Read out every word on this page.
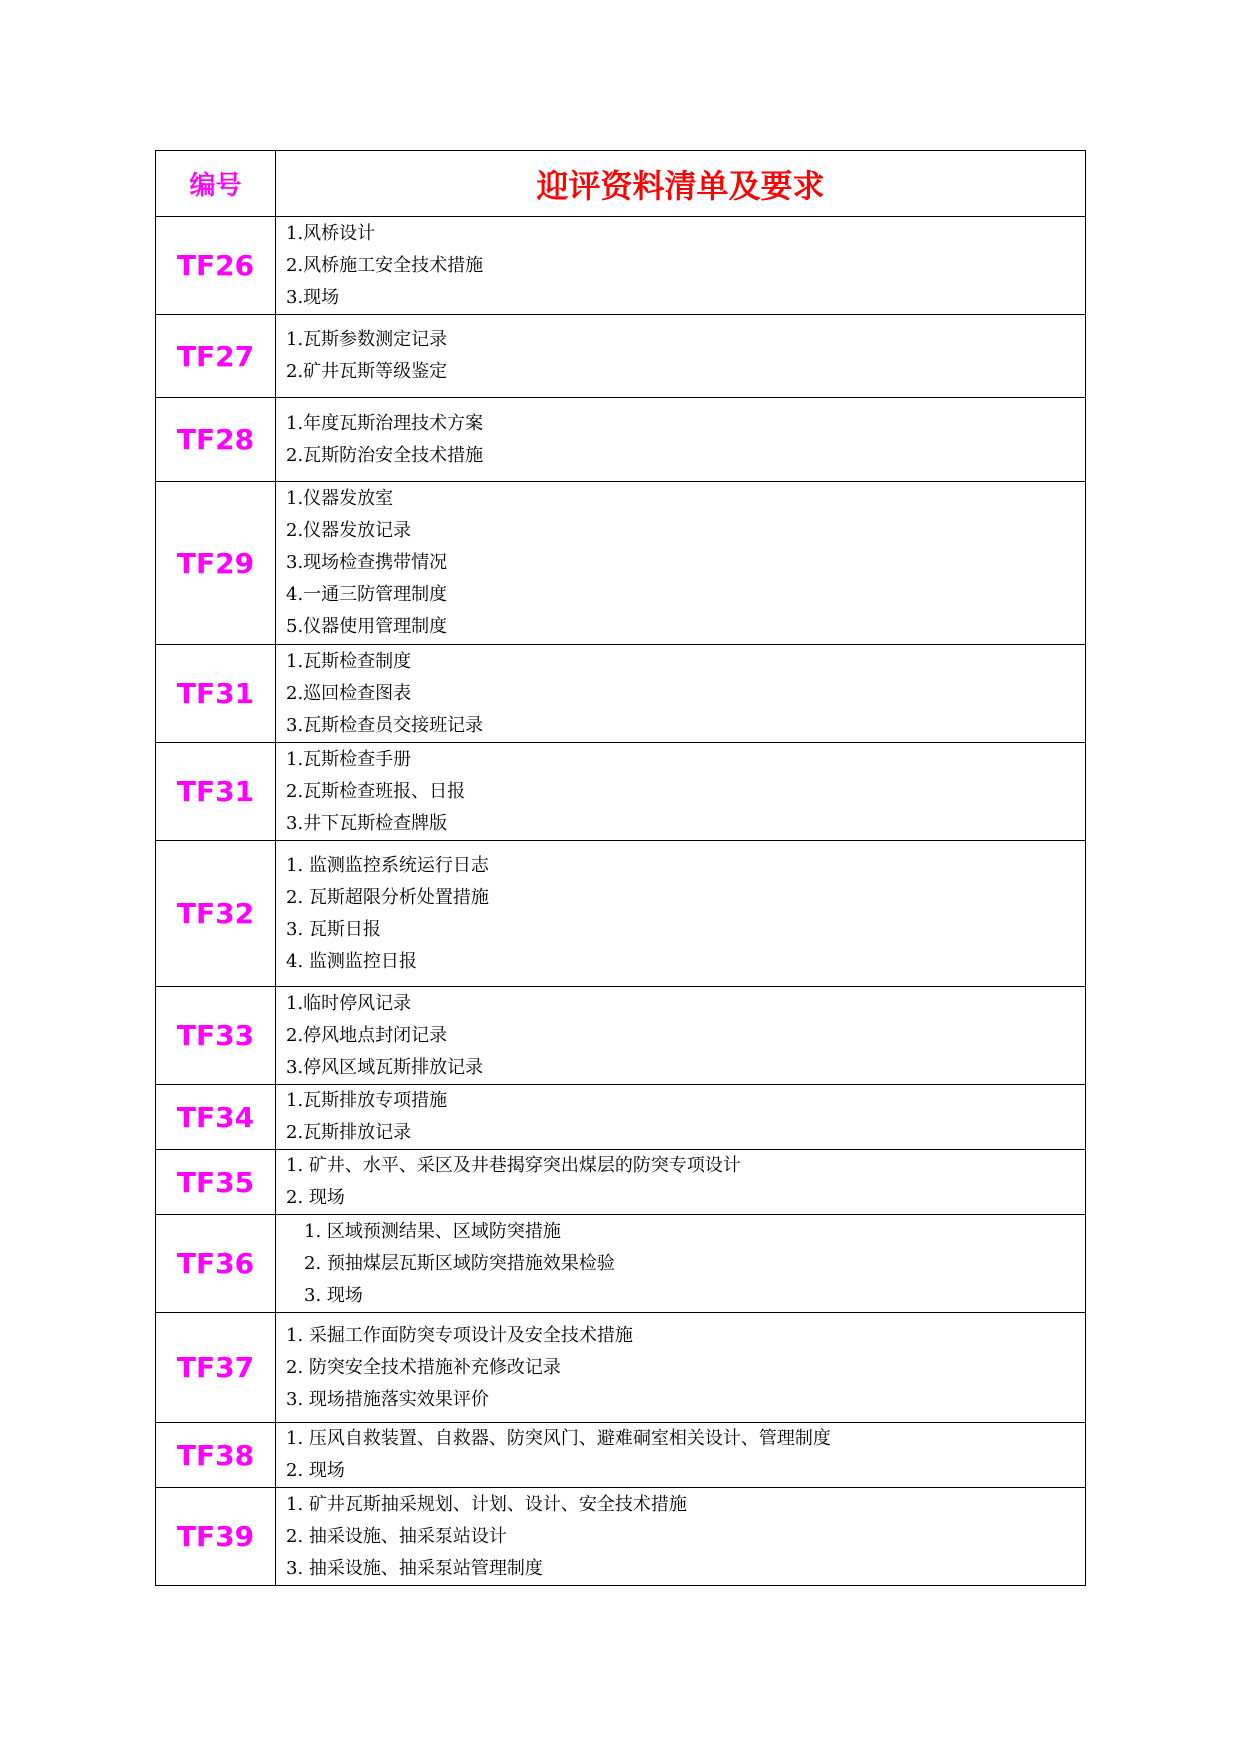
编号	迎评资料清单及要求
TF26	1.风桥设计
2.风桥施工安全技术措施
3.现场

TF27	1.瓦斯参数测定记录
2.矿井瓦斯等级鉴定

TF28	1.年度瓦斯治理技术方案
2.瓦斯防治安全技术措施

TF29	1.仪器发放室
2.仪器发放记录
3.现场检查携带情况
4.一通三防管理制度
5.仪器使用管理制度

TF31	1.瓦斯检查制度
2.巡回检查图表
3.瓦斯检查员交接班记录

TF31	1.瓦斯检查手册
2.瓦斯检查班报、日报
3.井下瓦斯检查牌版

TF32	1. 监测监控系统运行日志
2. 瓦斯超限分析处置措施
3. 瓦斯日报
4. 监测监控日报

TF33	1.临时停风记录
2.停风地点封闭记录
3.停风区域瓦斯排放记录

TF34	1.瓦斯排放专项措施
2.瓦斯排放记录

TF35	1. 矿井、水平、采区及井巷揭穿突出煤层的防突专项设计
2. 现场

TF36	1. 区域预测结果、区域防突措施
2. 预抽煤层瓦斯区域防突措施效果检验
3. 现场

TF37	1. 采掘工作面防突专项设计及安全技术措施
2. 防突安全技术措施补充修改记录
3. 现场措施落实效果评价

TF38	1. 压风自救装置、自救器、防突风门、避难硐室相关设计、管理制度
2. 现场

TF39	1. 矿井瓦斯抽采规划、计划、设计、安全技术措施
2. 抽采设施、抽采泵站设计
3. 抽采设施、抽采泵站管理制度
